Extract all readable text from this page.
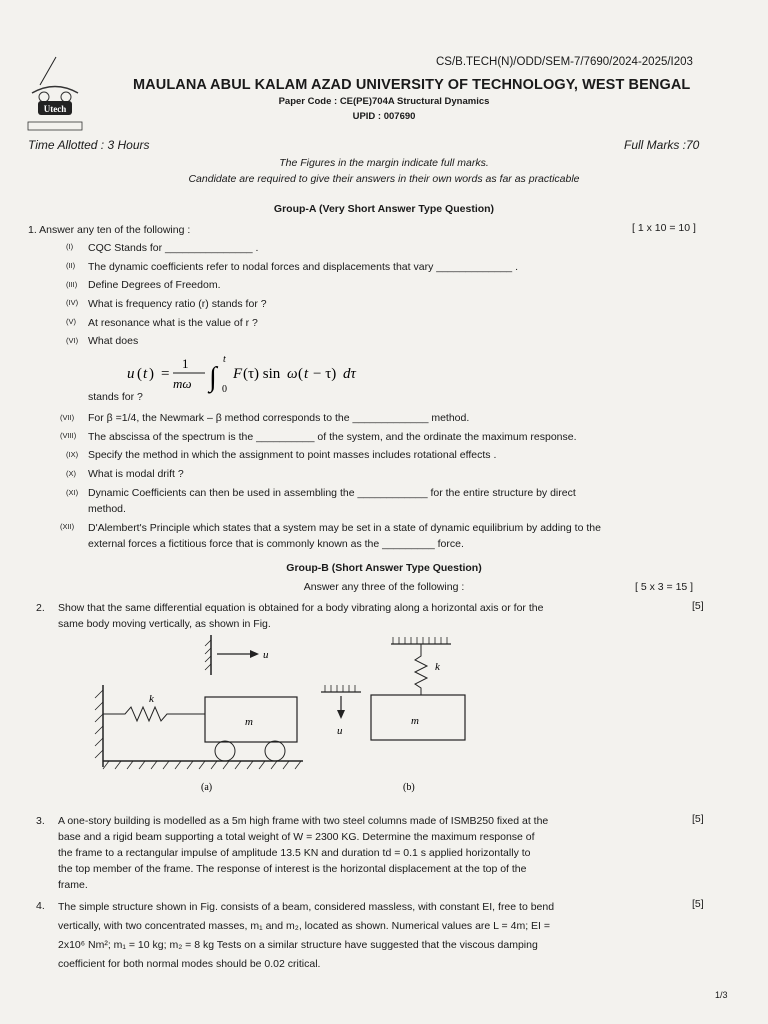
Utech
CS/B.TECH(N)/ODD/SEM-7/7690/2024-2025/I203
MAULANA ABUL KALAM AZAD UNIVERSITY OF TECHNOLOGY, WEST BENGAL
Paper Code : CE(PE)704A Structural Dynamics
UPID : 007690
Time Allotted : 3 Hours	Full Marks :70
The Figures in the margin indicate full marks.
Candidate are required to give their answers in their own words as far as practicable
Group-A (Very Short Answer Type Question)
1. Answer any ten of the following :	[ 1 x 10 = 10 ]
(I) CQC Stands for _______________ .
(II) The dynamic coefficients refer to nodal forces and displacements that vary _____________ .
(III) Define Degrees of Freedom.
(IV) What is frequency ratio (r) stands for ?
(V) At resonance what is the value of r ?
(VI) What does
u ( t ) =
1
mω ∫
t
0
F (τ) sin ω ( t − τ) dτ
stands for ?
(VII) For β =1/4, the Newmark – β method corresponds to the _____________ method.
(VIII) The abscissa of the spectrum is the __________ of the system, and the ordinate the maximum response.
(IX) Specify the method in which the assignment to point masses includes rotational effects .
(X) What is modal drift ?
(XI) Dynamic Coefficients can then be used in assembling the ____________ for the entire structure by direct
method.
(XII) D'Alembert's Principle which states that a system may be set in a state of dynamic equilibrium by adding to the
external forces a fictitious force that is commonly known as the _________ force.
Group-B (Short Answer Type Question)
Answer any three of the following :	[ 5 x 3 = 15 ]
2. Show that the same differential equation is obtained for a body vibrating along a horizontal axis or for the
same body moving vertically, as shown in Fig.
[5]
u
k
m
(a)
u
k
m
(b)
3. A one-story building is modelled as a 5m high frame with two steel columns made of ISMB250 fixed at the
base and a rigid beam supporting a total weight of W = 2300 KG. Determine the maximum response of
the frame to a rectangular impulse of amplitude 13.5 KN and duration td = 0.1 s applied horizontally to
the top member of the frame. The response of interest is the horizontal displacement at the top of the
frame.
[5]
4. The simple structure shown in Fig. consists of a beam, considered massless, with constant EI, free to bend
vertically, with two concentrated masses, m₁ and m₂, located as shown. Numerical values are L = 4m; EI =
2x10⁶ Nm²; m₁ = 10 kg; m₂ = 8 kg Tests on a similar structure have suggested that the viscous damping
coefficient for both normal modes should be 0.02 critical.
[5]
1/3
